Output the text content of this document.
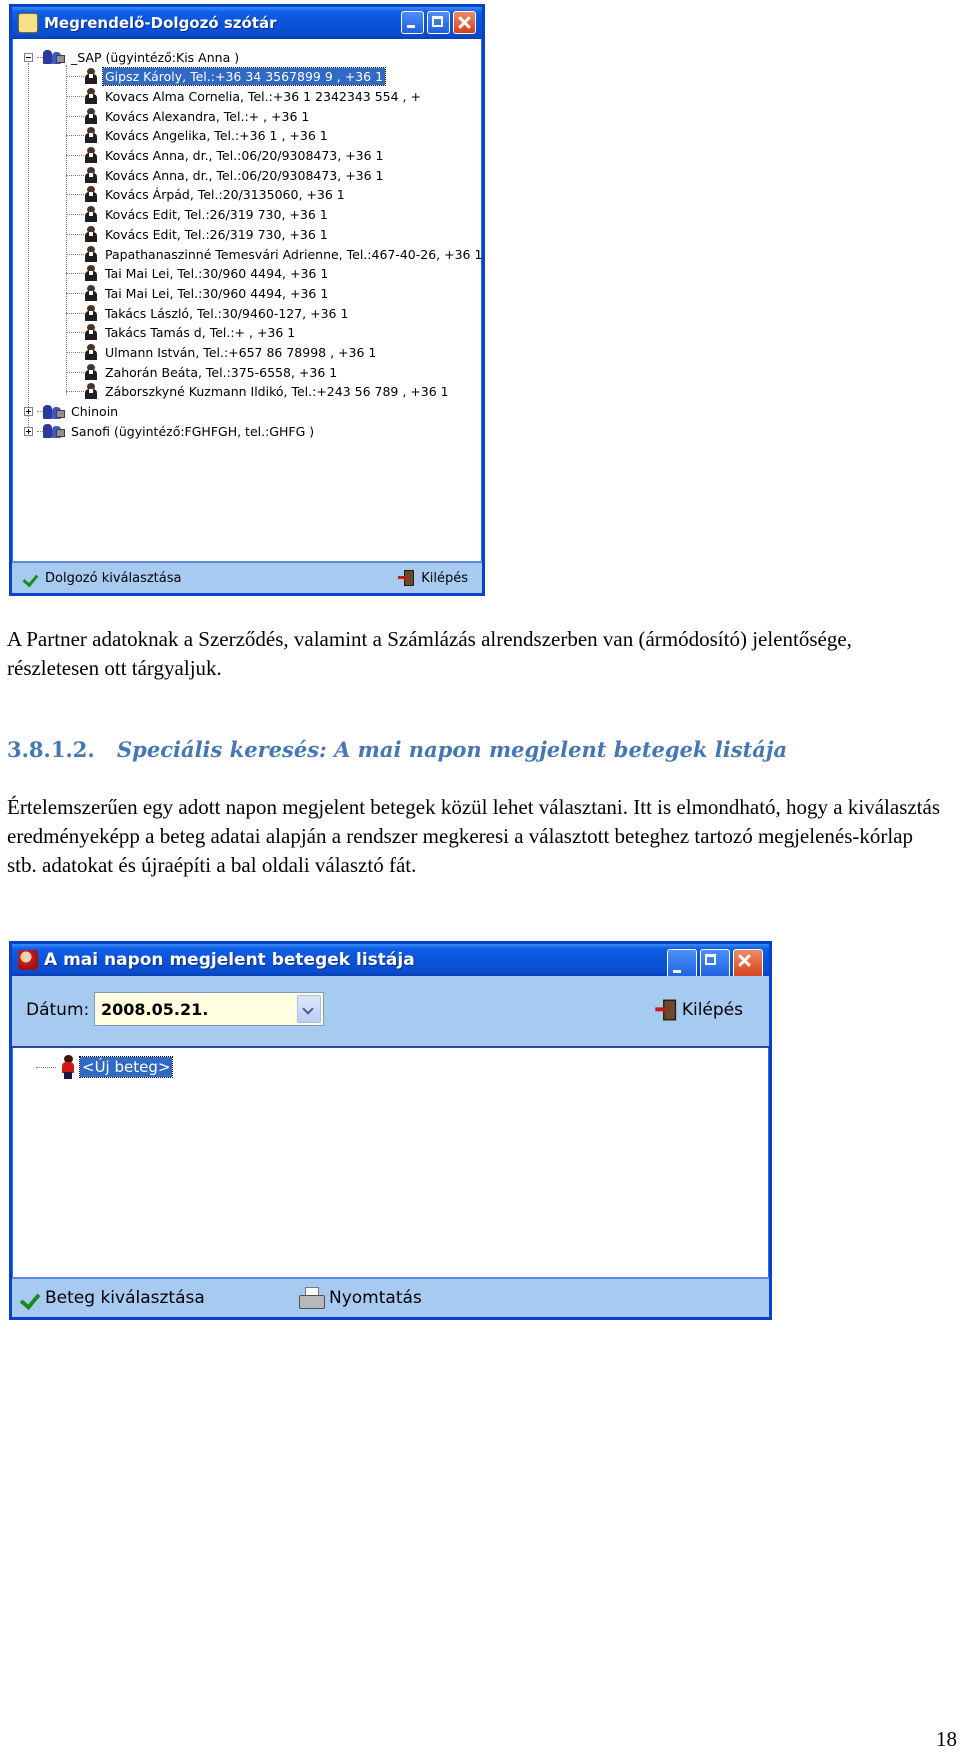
Megrendelő-Dolgozó szótár
_SAP (ügyintéző:Kis Anna )
Gipsz Károly, Tel.:+36 34 3567899 9 , +36 1
Kovacs Alma Cornelia, Tel.:+36 1 2342343 554 , +
Kovács Alexandra, Tel.:+ , +36 1
Kovács Angelika, Tel.:+36 1 , +36 1
Kovács Anna, dr., Tel.:06/20/9308473, +36 1
Kovács Anna, dr., Tel.:06/20/9308473, +36 1
Kovács Árpád, Tel.:20/3135060, +36 1
Kovács Edit, Tel.:26/319 730, +36 1
Kovács Edit, Tel.:26/319 730, +36 1
Papathanaszinné Temesvári Adrienne, Tel.:467-40-26, +36 1
Tai Mai Lei, Tel.:30/960 4494, +36 1
Tai Mai Lei, Tel.:30/960 4494, +36 1
Takács László, Tel.:30/9460-127, +36 1
Takács Tamás d, Tel.:+ , +36 1
Ulmann István, Tel.:+657 86 78998 , +36 1
Zahorán Beáta, Tel.:375-6558, +36 1
Záborszkyné Kuzmann Ildikó, Tel.:+243 56 789 , +36 1
Chinoin
Sanofi (ügyintéző:FGHFGH, tel.:GHFG )
Dolgozó kiválasztása	Kilépés

A Partner adatoknak a Szerződés, valamint a Számlázás alrendszerben van (ármódosító) jelentősége, részletesen ott tárgyaljuk.

3.8.1.2. Speciális keresés: A mai napon megjelent betegek listája

Értelemszerűen egy adott napon megjelent betegek közül lehet választani. Itt is elmondható, hogy a kiválasztás eredményeképp a beteg adatai alapján a rendszer megkeresi a választott beteghez tartozó megjelenés-kórlap stb. adatokat és újraépíti a bal oldali választó fát.

A mai napon megjelent betegek listája
Dátum: 2008.05.21.	Kilépés
<Új beteg>
Beteg kiválasztása	Nyomtatás
18
